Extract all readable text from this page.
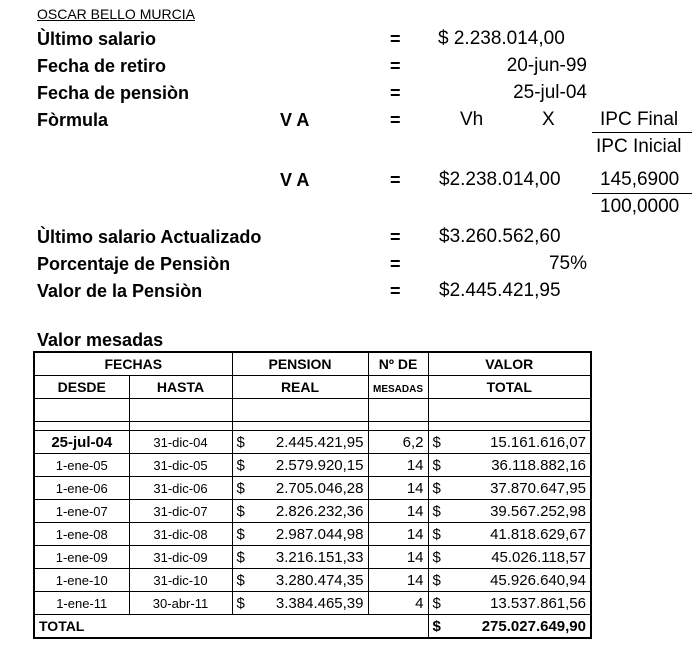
OSCAR BELLO MURCIA
Ùltimo salario	= $ 2.238.014,00
Fecha de retiro	=	20-jun-99
Fecha de pensiòn	=	25-jul-04
Fòrmula	V A	=	Vh	X IPC Final
IPC Inicial
V A	= $2.238.014,00 145,6900
100,0000
Ùltimo salario Actualizado	= $3.260.562,60
Porcentaje de Pensiòn	=	75%
Valor de la Pensiòn	= $2.445.421,95
Valor mesadas
FECHAS		PENSION	Nº DE	VALOR
DESDE	HASTA	REAL	MESADAS	TOTAL

25-jul-04	31-dic-04	$ 2.445.421,95	6,2	$ 15.161.616,07

1-ene-05	31-dic-05	$ 2.579.920,15	14	$ 36.118.882,16

1-ene-06	31-dic-06	$ 2.705.046,28	14	$ 37.870.647,95

1-ene-07	31-dic-07	$ 2.826.232,36	14	$ 39.567.252,98

1-ene-08	31-dic-08	$ 2.987.044,98	14	$ 41.818.629,67

1-ene-09	31-dic-09	$ 3.216.151,33	14	$ 45.026.118,57

1-ene-10	31-dic-10	$ 3.280.474,35	14	$ 45.926.640,94

1-ene-11	30-abr-11	$ 3.384.465,39	4	$ 13.537.861,56

TOTAL				$ 275.027.649,90
